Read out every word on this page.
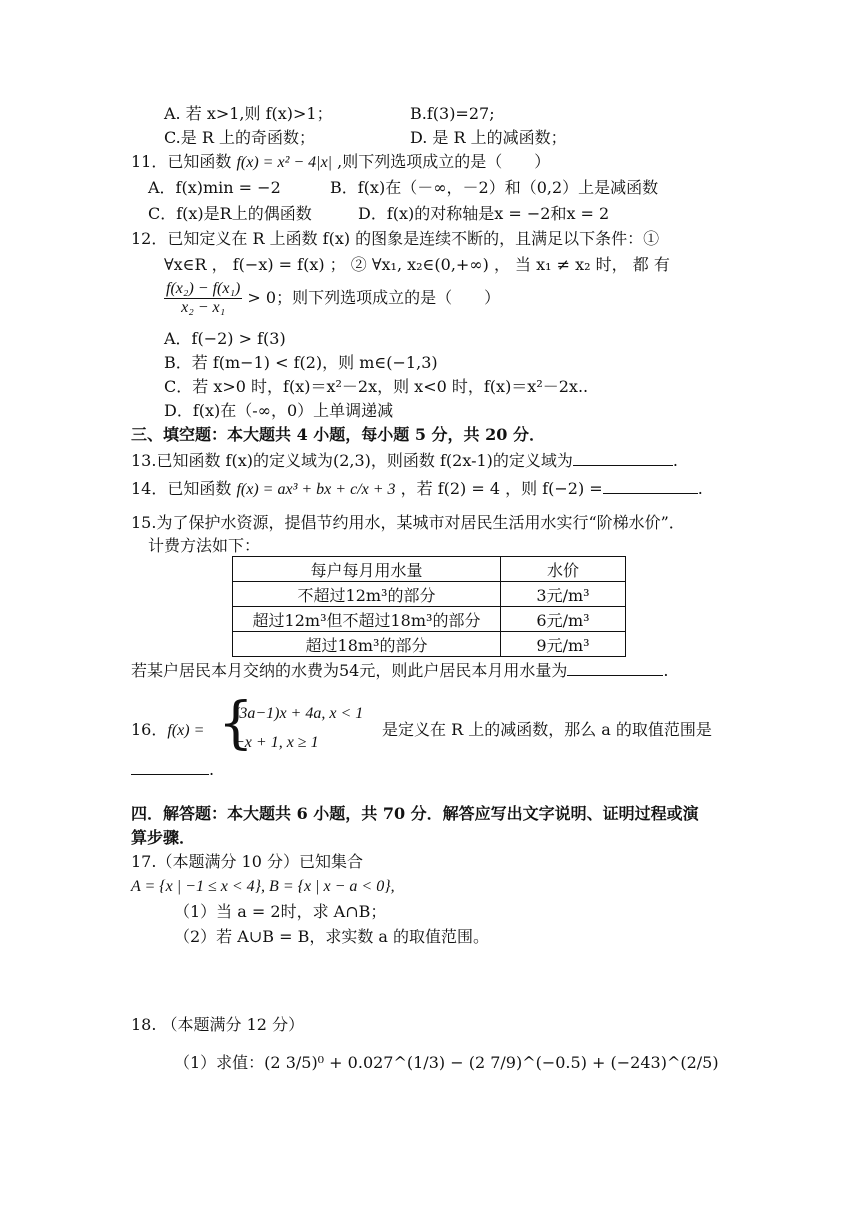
A. 若 x>1,则 f(x)>1；	B.f(3)=27;
C.是 R 上的奇函数；	D. 是 R 上的减函数；
11．已知函数 f(x) = x² − 4|x| ,则下列选项成立的是（　　）
A．f(x)min = −2	B．f(x)在（－∞，－2）和（0,2）上是减函数
C．f(x)是R上的偶函数	D．f(x)的对称轴是x = −2和x = 2
12．已知定义在 R 上函数 f(x) 的图象是连续不断的，且满足以下条件：①
∀x∈R ， f(−x) = f(x) ； ② ∀x₁, x₂∈(0,+∞) ， 当 x₁ ≠ x₂ 时， 都 有
$\frac{\text{f(x₂) − f(x₁)}}{\text{x₂ − x₁}} > 0$；则下列选项成立的是（　　）
A．f(−2) > f(3)
B．若 f(m−1) < f(2)，则 m∈(−1,3)
C．若 x>0 时，f(x)＝x²－2x，则 x<0 时，f(x)＝x²－2x..
D．f(x)在（-∞，0）上单调递减
三、填空题：本大题共 4 小题，每小题 5 分，共 20 分．
13.已知函数 f(x)的定义域为(2,3)，则函数 f(2x-1)的定义域为	.
14．已知函数 f(x) = ax³ + bx + c/x + 3 ，若 f(2) = 4 ，则 f(−2) =	.
15.为了保护水资源，提倡节约用水，某城市对居民生活用水实行“阶梯水价”．
计费方法如下：
每户每月用水量	水价
不超过12m³的部分	3元/m³
超过12m³但不超过18m³的部分	6元/m³
超过18m³的部分	9元/m³
若某户居民本月交纳的水费为54元，则此户居民本月用水量为	.
16．f(x) = {
(3a−1)x + 4a, x < 1
−x + 1, x ≥ 1
是定义在 R 上的减函数，那么 a 的取值范围是
.
四．解答题：本大题共 6 小题，共 70 分．解答应写出文字说明、证明过程或演
算步骤．
17.（本题满分 10 分）已知集合
A = {x | −1 ≤ x < 4}, B = {x | x − a < 0},
（1）当 a = 2时，求 A∩B；
（2）若 A∪B = B，求实数 a 的取值范围。
18. （本题满分 12 分）
（1）求值：(2 3/5)⁰ + 0.027^(1/3) − (2 7/9)^(−0.5) + (−243)^(2/5)
